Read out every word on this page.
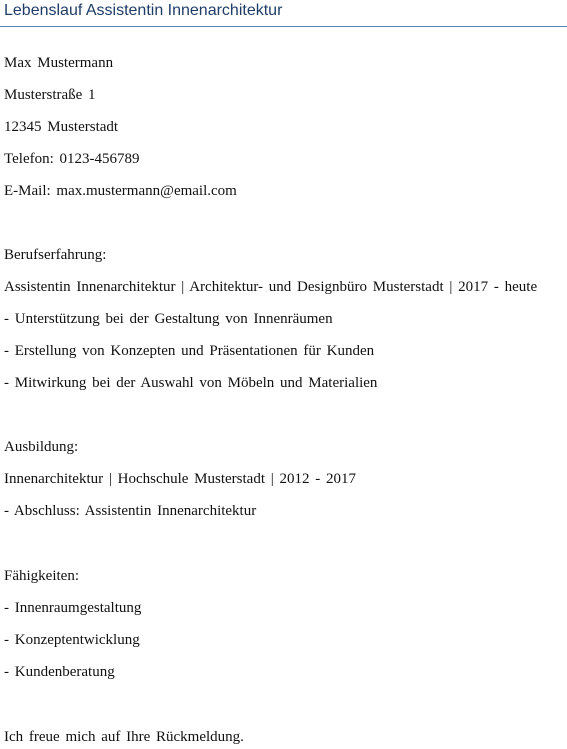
Lebenslauf Assistentin Innenarchitektur
Max Mustermann
Musterstraße 1
12345 Musterstadt
Telefon: 0123-456789
E-Mail: max.mustermann@email.com
Berufserfahrung:
Assistentin Innenarchitektur | Architektur- und Designbüro Musterstadt | 2017 - heute
- Unterstützung bei der Gestaltung von Innenräumen
- Erstellung von Konzepten und Präsentationen für Kunden
- Mitwirkung bei der Auswahl von Möbeln und Materialien
Ausbildung:
Innenarchitektur | Hochschule Musterstadt | 2012 - 2017
- Abschluss: Assistentin Innenarchitektur
Fähigkeiten:
- Innenraumgestaltung
- Konzeptentwicklung
- Kundenberatung
Ich freue mich auf Ihre Rückmeldung.
